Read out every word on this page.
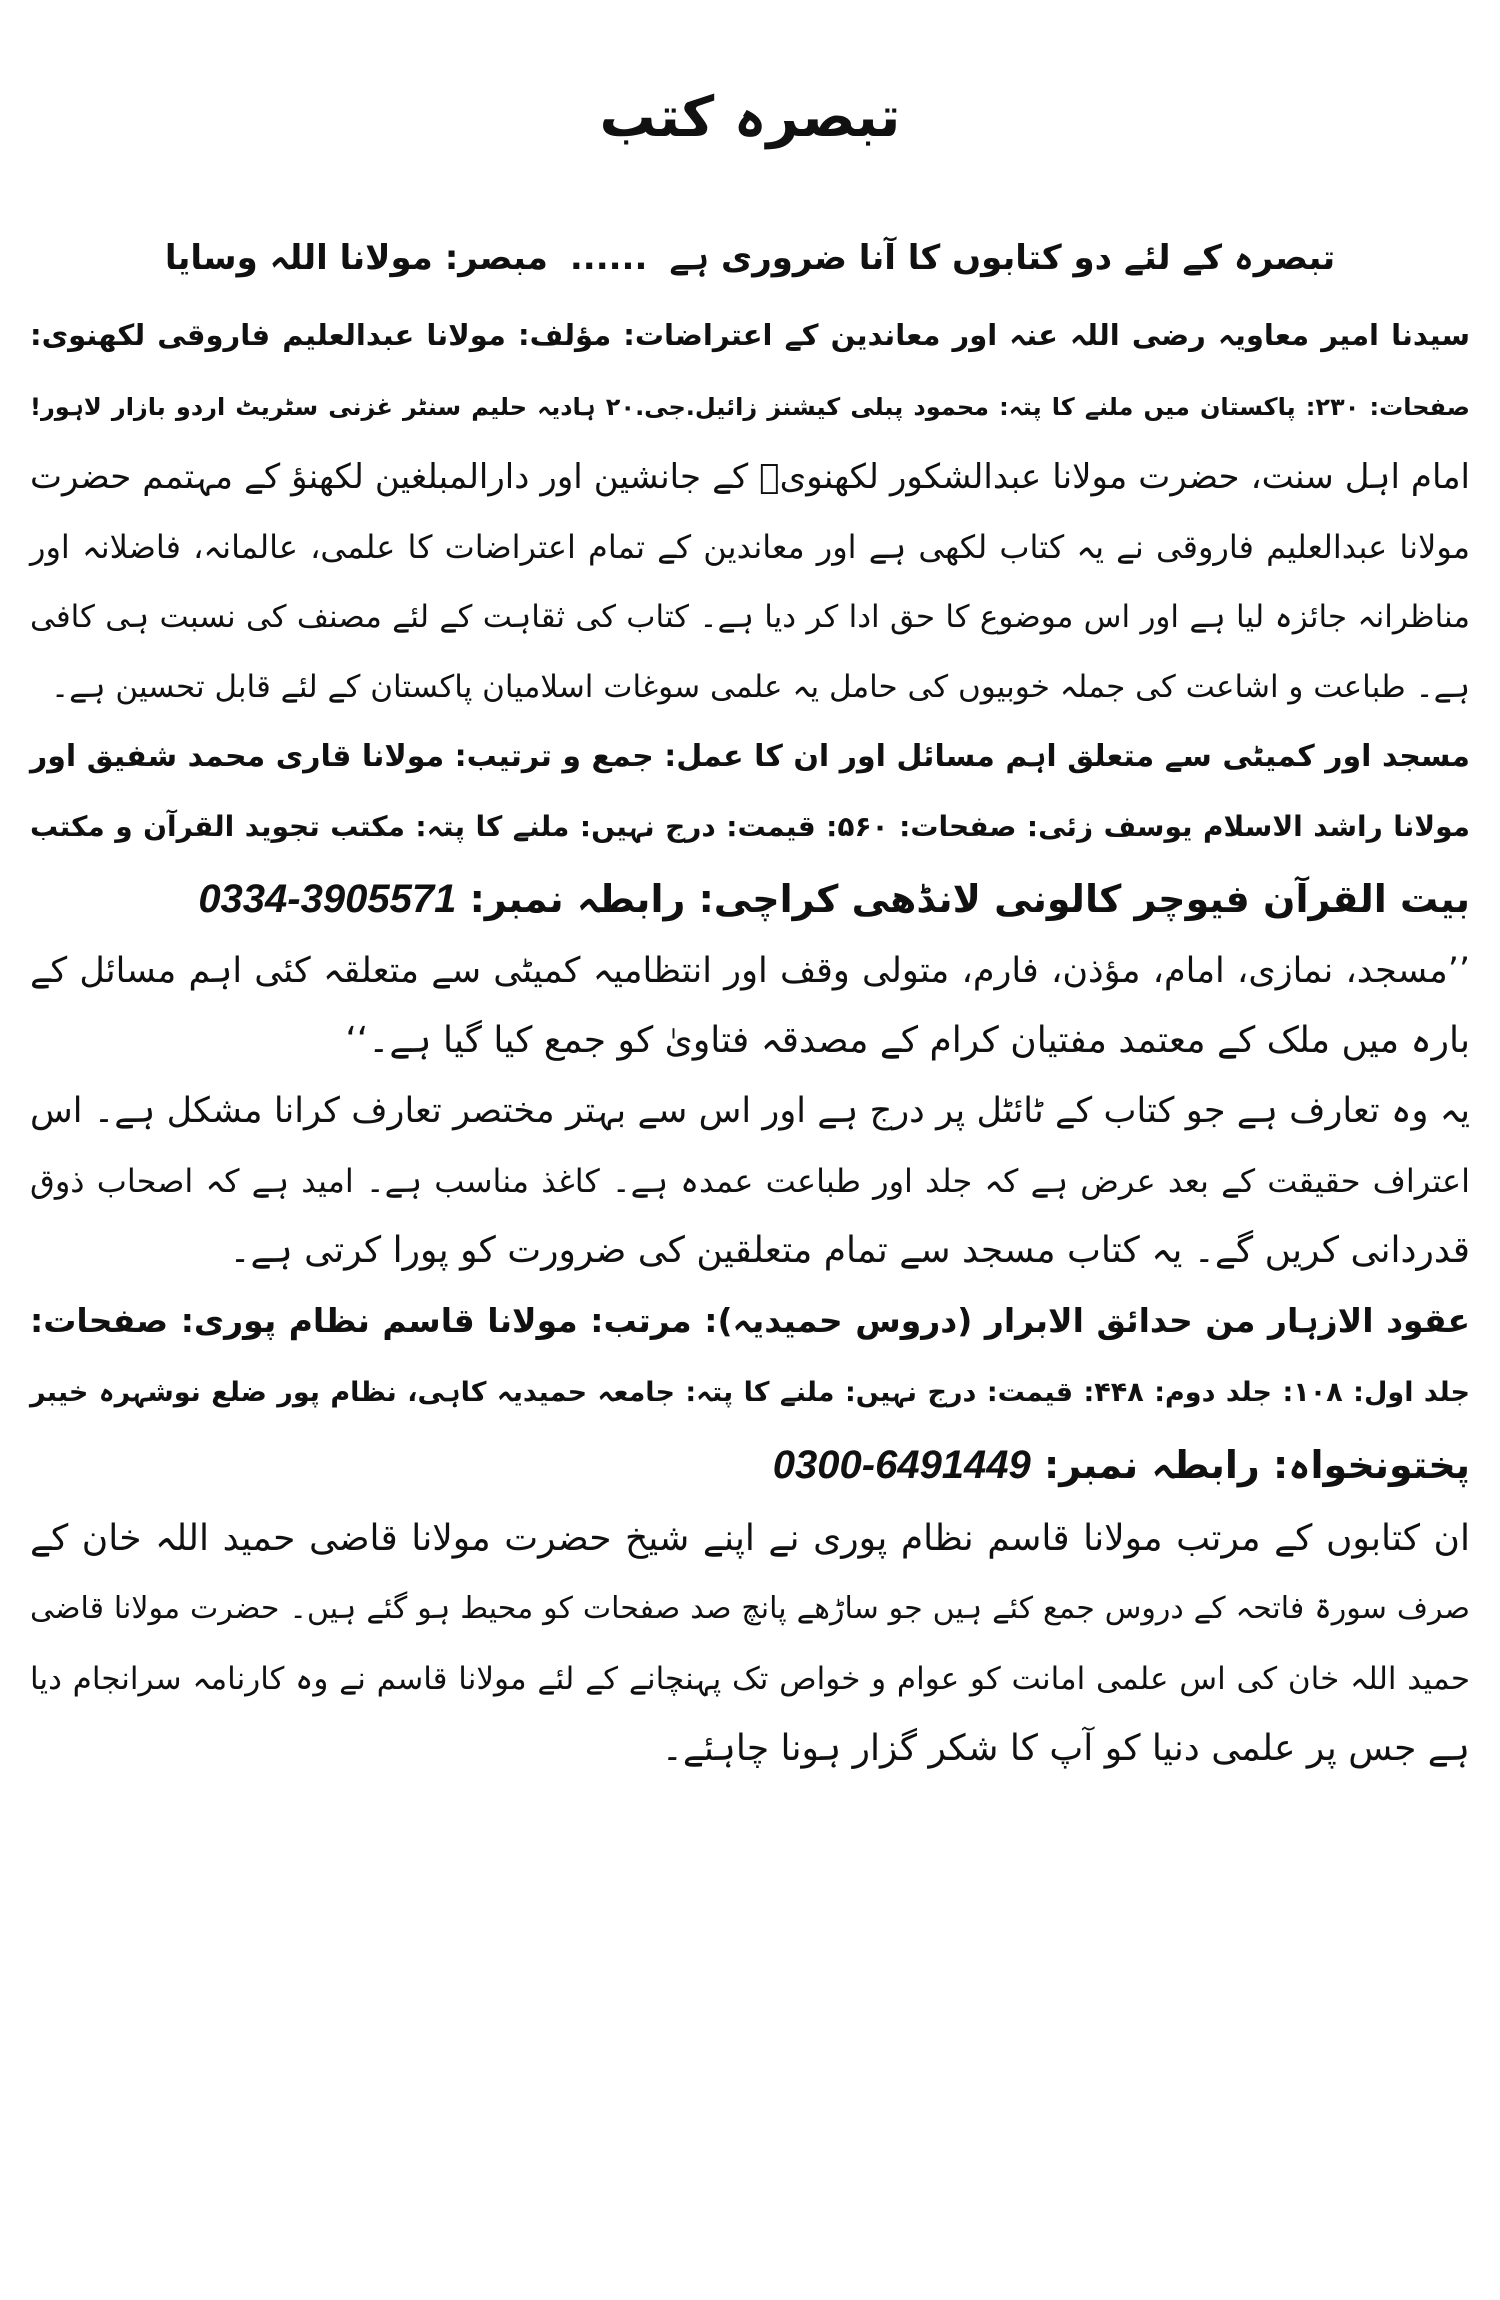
تبصرہ کتب
تبصرہ کے لئے دو کتابوں کا آنا ضروری ہے......مبصر: مولانا اللہ وسایا
سیدنا امیر معاویہ رضی اللہ عنہ اور معاندین کے اعتراضات: مؤلف: مولانا عبدالعلیم فاروقی لکھنوی:
صفحات: ۲۳۰: پاکستان میں ملنے کا پتہ: محمود پبلی کیشنز زائیل.جی.۲۰ ہادیہ حلیم سنٹر غزنی سٹریٹ اردو بازار لاہور!
امام اہل سنت، حضرت مولانا عبدالشکور لکھنویؒ کے جانشین اور دارالمبلغین لکھنؤ کے مہتمم حضرت
مولانا عبدالعلیم فاروقی نے یہ کتاب لکھی ہے اور معاندین کے تمام اعتراضات کا علمی، عالمانہ، فاضلانہ اور
مناظرانہ جائزہ لیا ہے اور اس موضوع کا حق ادا کر دیا ہے۔ کتاب کی ثقاہت کے لئے مصنف کی نسبت ہی کافی
ہے۔ طباعت و اشاعت کی جملہ خوبیوں کی حامل یہ علمی سوغات اسلامیان پاکستان کے لئے قابل تحسین ہے۔
مسجد اور کمیٹی سے متعلق اہم مسائل اور ان کا عمل: جمع و ترتیب: مولانا قاری محمد شفیق اور
مولانا راشد الاسلام یوسف زئی: صفحات: ۵۶۰: قیمت: درج نہیں: ملنے کا پتہ: مکتب تجوید القرآن و مکتب
بیت القرآن فیوچر کالونی لانڈھی کراچی: رابطہ نمبر: 0334-3905571
’’مسجد، نمازی، امام، مؤذن، فارم، متولی وقف اور انتظامیہ کمیٹی سے متعلقہ کئی اہم مسائل کے
بارہ میں ملک کے معتمد مفتیان کرام کے مصدقہ فتاویٰ کو جمع کیا گیا ہے۔‘‘
یہ وہ تعارف ہے جو کتاب کے ٹائٹل پر درج ہے اور اس سے بہتر مختصر تعارف کرانا مشکل ہے۔ اس
اعتراف حقیقت کے بعد عرض ہے کہ جلد اور طباعت عمدہ ہے۔ کاغذ مناسب ہے۔ امید ہے کہ اصحاب ذوق
قدردانی کریں گے۔ یہ کتاب مسجد سے تمام متعلقین کی ضرورت کو پورا کرتی ہے۔
عقود الازہار من حدائق الابرار (دروس حمیدیہ): مرتب: مولانا قاسم نظام پوری: صفحات:
جلد اول: ۱۰۸: جلد دوم: ۴۴۸: قیمت: درج نہیں: ملنے کا پتہ: جامعہ حمیدیہ کاہی، نظام پور ضلع نوشہرہ خیبر
پختونخواہ: رابطہ نمبر: 0300-6491449
ان کتابوں کے مرتب مولانا قاسم نظام پوری نے اپنے شیخ حضرت مولانا قاضی حمید اللہ خان کے
صرف سورۃ فاتحہ کے دروس جمع کئے ہیں جو ساڑھے پانچ صد صفحات کو محیط ہو گئے ہیں۔ حضرت مولانا قاضی
حمید اللہ خان کی اس علمی امانت کو عوام و خواص تک پہنچانے کے لئے مولانا قاسم نے وہ کارنامہ سرانجام دیا
ہے جس پر علمی دنیا کو آپ کا شکر گزار ہونا چاہئے۔
